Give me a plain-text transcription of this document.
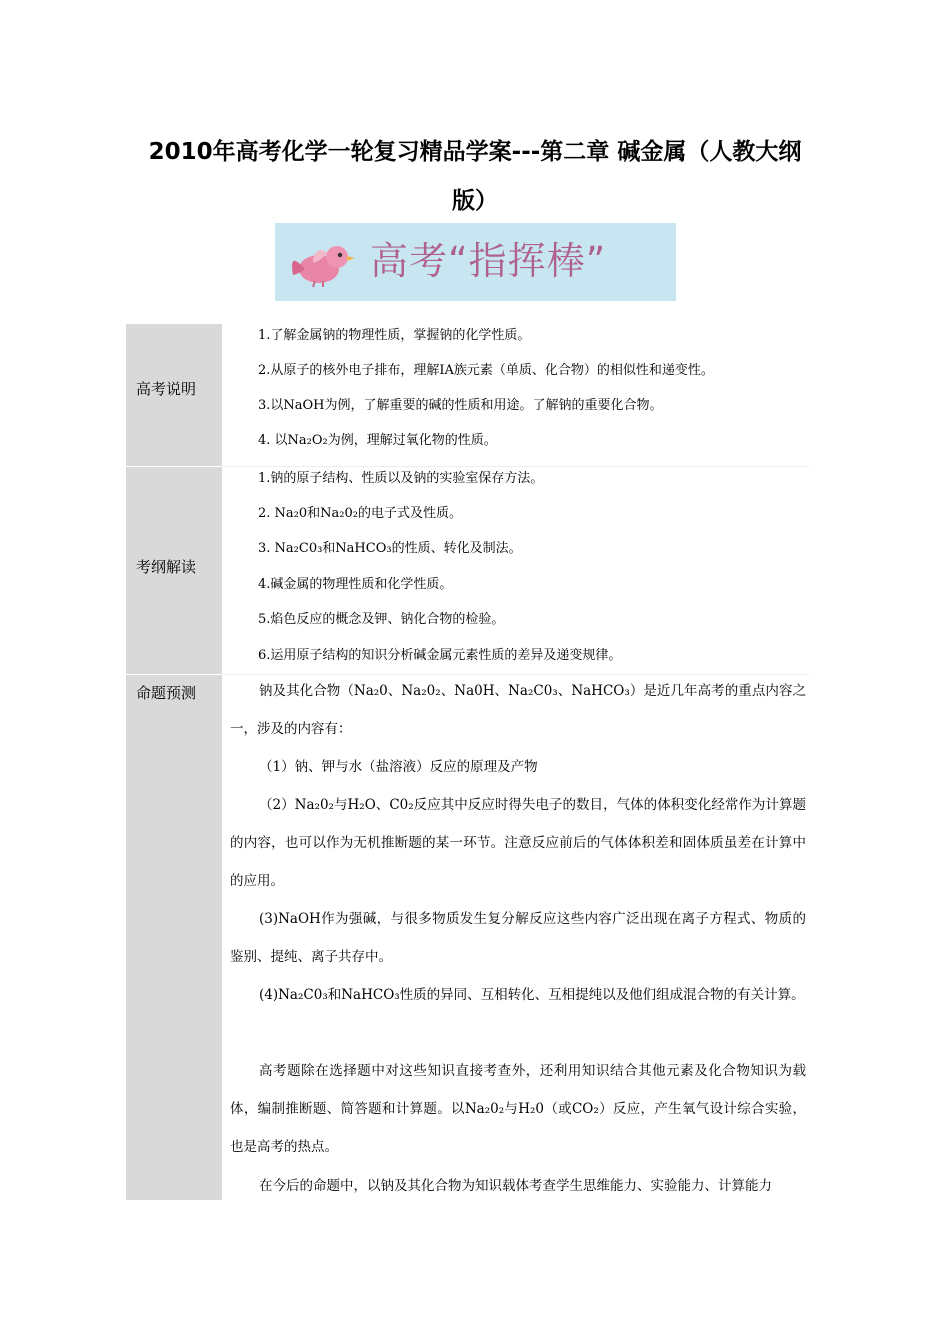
2010年高考化学一轮复习精品学案---第二章 碱金属（人教大纲版）
高考“指挥棒”
高考说明
考纲解读
命题预测
1.了解金属钠的物理性质，掌握钠的化学性质。
2.从原子的核外电子排布，理解ⅠA族元素（单质、化合物）的相似性和递变性。
3.以NaOH为例，了解重要的碱的性质和用途。了解钠的重要化合物。
4. 以Na₂O₂为例，理解过氧化物的性质。
1.钠的原子结构、性质以及钠的实验室保存方法。
2. Na₂0和Na₂0₂的电子式及性质。
3. Na₂C0₃和NaHCO₃的性质、转化及制法。
4.碱金属的物理性质和化学性质。
5.焰色反应的概念及钾、钠化合物的检验。
6.运用原子结构的知识分析碱金属元素性质的差异及递变规律。

钠及其化合物（Na₂0、Na₂0₂、Na0H、Na₂C0₃、NaHCO₃）是近几年高考的重点内容之一，涉及的内容有：

（1）钠、钾与水（盐溶液）反应的原理及产物

（2）Na₂0₂与H₂O、C0₂反应其中反应时得失电子的数目，气体的体积变化经常作为计算题的内容，也可以作为无机推断题的某一环节。注意反应前后的气体体积差和固体质虽差在计算中的应用。

(3)NaOH作为强碱，与很多物质发生复分解反应这些内容广泛出现在离子方程式、物质的鉴别、提纯、离子共存中。

(4)Na₂C0₃和NaHCO₃性质的异同、互相转化、互相提纯以及他们组成混合物的有关计算。

高考题除在选择题中对这些知识直接考查外，还利用知识结合其他元素及化合物知识为载体，编制推断题、简答题和计算题。以Na₂0₂与H₂0（或CO₂）反应，产生氧气设计综合实验，也是高考的热点。

在今后的命题中，以钠及其化合物为知识载体考查学生思维能力、实验能力、计算能力
